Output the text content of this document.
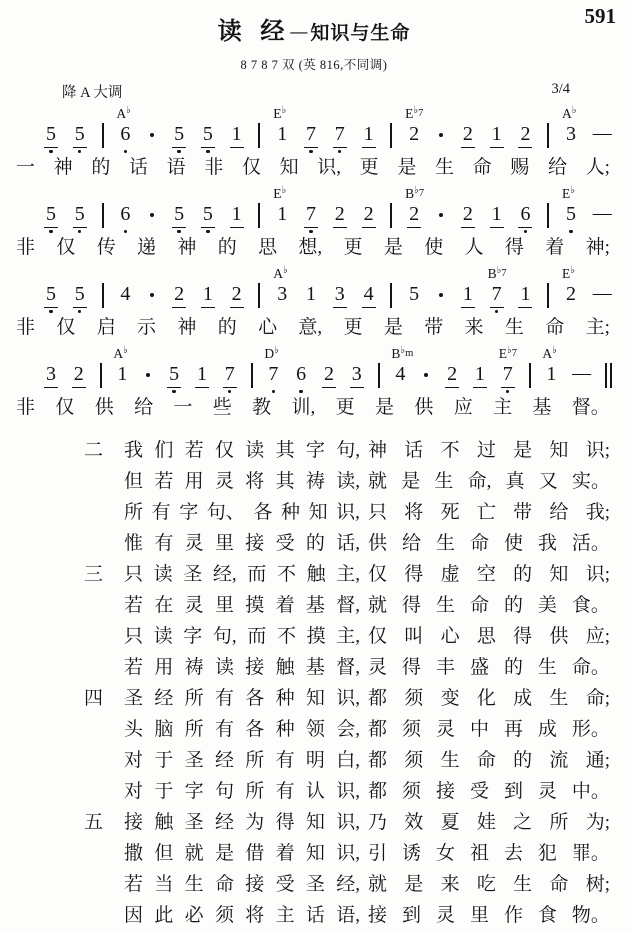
591
读 经— 知识与生命
8 7 8 7 双 (英 816,不同调)
降 A 大调	3/4
5 5
A♭
6 5 5 1
E♭
1 7 7 1
E♭7
2 2 1 2
A♭
3 —
一 神 的 话 语 非 仅 知 识, 更 是 生 命 赐 给 人;
5 5 6 5 5 1
E♭
1 7 2 2
B♭7
2 2 1 6
E♭
5 —
非 仅 传 递 神 的 思 想, 更 是 使 人 得 着 神;
5 5 4 2 1 2
A♭
3 1 3 4 5 1
B♭7
7 1
E♭
2 —
非 仅 启 示 神 的 心 意, 更 是 带 来 生 命 主;
3 2
A♭
1 5 1 7
D♭
7 6 2 3
B♭m
4 2 1
E♭7
7
A♭
1 —
非 仅 供 给 一 些 教 训, 更 是 供 应 主 基 督。
二	我 们 若 仅 读 其 字 句, 神 话 不 过 是 知 识;
但 若 用 灵 将 其 祷 读, 就 是 生 命, 真 又 实。
所 有 字 句、 各 种 知 识, 只 将 死 亡 带 给 我;
惟 有 灵 里 接 受 的 话, 供 给 生 命 使 我 活。
三	只 读 圣 经, 而 不 触 主, 仅 得 虚 空 的 知 识;
若 在 灵 里 摸 着 基 督, 就 得 生 命 的 美 食。
只 读 字 句, 而 不 摸 主, 仅 叫 心 思 得 供 应;
若 用 祷 读 接 触 基 督, 灵 得 丰 盛 的 生 命。
四	圣 经 所 有 各 种 知 识, 都 须 变 化 成 生 命;
头 脑 所 有 各 种 领 会, 都 须 灵 中 再 成 形。
对 于 圣 经 所 有 明 白, 都 须 生 命 的 流 通;
对 于 字 句 所 有 认 识, 都 须 接 受 到 灵 中。
五	接 触 圣 经 为 得 知 识, 乃 效 夏 娃 之 所 为;
撒 但 就 是 借 着 知 识, 引 诱 女 祖 去 犯 罪。
若 当 生 命 接 受 圣 经, 就 是 来 吃 生 命 树;
因 此 必 须 将 主 话 语, 接 到 灵 里 作 食 物。
